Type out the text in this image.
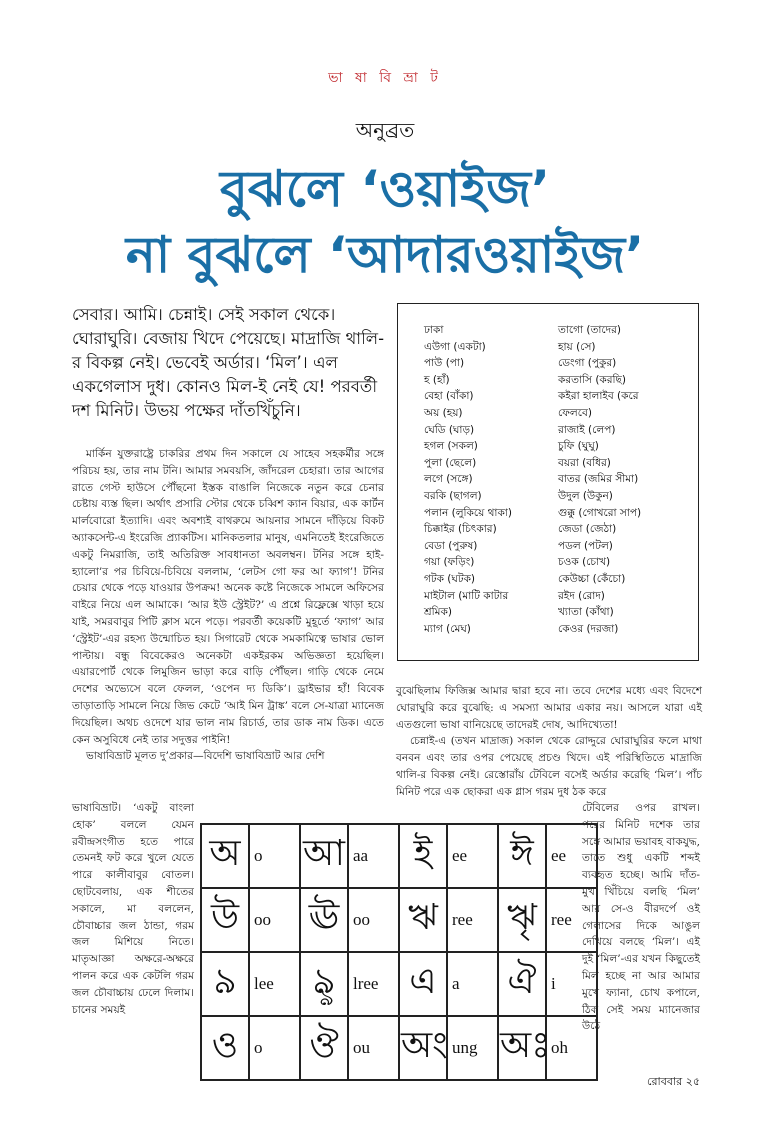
ভা ষা বি ভ্রা ট
অনুব্রত
বুঝলে ‘ওয়াইজ’
না বুঝলে ‘আদারওয়াইজ’
সেবার। আমি। চেন্নাই। সেই সকাল থেকে। ঘোরাঘুরি। বেজায় খিদে পেয়েছে। মাদ্রাজি থালি-র বিকল্প নেই। ভেবেই অর্ডার। ‘মিল’। এল একগেলাস দুধ। কোনও মিল-ই নেই যে! পরবর্তী দশ মিনিট। উভয় পক্ষের দাঁতখিঁচুনি।

মার্কিন যুক্তরাষ্ট্রে চাকরির প্রথম দিন সকালে যে সাহেব সহকর্মীর সঙ্গে পরিচয় হয়, তার নাম টনি। আমার সমবয়সি, জাঁদরেল চেহারা। তার আগের রাতে গেস্ট হাউসে পৌঁছনো ইস্তক বাঙালি নিজেকে নতুন করে চেনার চেষ্টায় ব্যস্ত ছিল। অর্থাৎ প্রসারি স্টোর থেকে চব্বিশ ক্যান বিয়ার, এক কার্টন মার্লবোরো ইত্যাদি। এবং অবশ্যই বাথরুমে আয়নার সামনে দাঁড়িয়ে বিকট অ্যাকসেন্ট-এ ইংরেজি প্র্যাকটিস। মানিকতলার মানুষ, এমনিতেই ইংরেজিতে একটু নিমরাজি, তাই অতিরিক্ত সাবধানতা অবলম্বন। টনির সঙ্গে হাই-হ্যালো’র পর চিবিয়ে-চিবিয়ে বললাম, ‘লেটস গো ফর আ ফ্যাগ’! টনির চেয়ার থেকে পড়ে যাওয়ার উপক্রম! অনেক কষ্টে নিজেকে সামলে অফিসের বাইরে নিয়ে এল আমাকে। ‘আর ইউ স্ট্রেইট?’ এ প্রশ্নে রিফ্লেক্সে খাড়া হয়ে যাই, সমরবাবুর পিটি ক্লাস মনে পড়ে। পরবর্তী কয়েকটি মুহূর্তে ‘ফ্যাগ’ আর ‘স্ট্রেইট’-এর রহস্য উন্মোচিত হয়। সিগারেট থেকে সমকামিত্বে ভাষার ভোল পাল্টায়। বন্ধু বিবেকেরও অনেকটা একইরকম অভিজ্ঞতা হয়েছিল। এয়ারপোর্ট থেকে লিমুজিন ভাড়া করে বাড়ি পৌঁছল। গাড়ি থেকে নেমে দেশের অভ্যেসে বলে ফেলল, ‘ওপেন দ্য ডিকি’। ড্রাইভার হাঁ! বিবেক তাড়াতাড়ি সামলে নিয়ে জিভ কেটে ‘আই মিন ট্রাঙ্ক’ বলে সে-যাত্রা ম্যানেজ দিয়েছিল। অথচ ওদেশে যার ভাল নাম রিচার্ড, তার ডাক নাম ডিক। এতে কেন অসুবিধে নেই তার সদুত্তর পাইনি!

ভাষাবিভ্রাট মূলত দু’প্রকার—বিদেশি ভাষাবিভ্রাট আর দেশি

ভাষাবিভ্রাট। ‘একটু বাংলা হোক’ বললে যেমন রবীন্দ্রসংগীত হতে পারে তেমনই ফট করে খুলে যেতে পারে কালীবাবুর বোতল। ছোটবেলায়, এক শীতের সকালে, মা বললেন, চৌবাচ্চার জল ঠান্ডা, গরম জল মিশিয়ে নিতে। মাতৃআজ্ঞা অক্ষরে-অক্ষরে পালন করে এক কেটলি গরম জল চৌবাচ্চায় ঢেলে দিলাম। চানের সময়ই

ঢাকা
এউগা (একটা)
পাউ (পা)
হ (হাঁ)
বেহা (বাঁকা)
অয় (হয়)
ঘেডি (ঘাড়)
হগল (সকল)
পুলা (ছেলে)
লগে (সঙ্গে)
বরকি (ছাগল)
পলান (লুকিয়ে থাকা)
চিক্কাইর (চিৎকার)
বেডা (পুরুষ)
গয়া (ফড়িং)
গটক (ঘটক)
মাইটাল (মাটি কাটার
শ্রমিক)
ম্যাগ (মেঘ)
তাগো (তাদের)
হায় (সে)
ডেংগা (পুকুর)
করতাসি (করছি)
কইরা হালাইব (করে
ফেলবে)
রাজাই (লেপ)
চুফি (ঘুঘু)
বয়রা (বধির)
বাতর (জমির সীমা)
উদুল (উকুন)
গুক্কু (গোখরো সাপ)
জেডা (জেঠা)
পডল (পটল)
চওক (চোখ)
কেউচ্চা (কেঁচো)
রইদ (রোদ)
খ্যাতা (কাঁথা)
কেওর (দরজা)

বুঝেছিলাম ফিজিক্স আমার দ্বারা হবে না। তবে দেশের মধ্যে এবং বিদেশে ঘোরাঘুরি করে বুঝেছি: এ সমস্যা আমার একার নয়। আসলে যারা এই এতগুলো ভাষা বানিয়েছে তাদেরই দোষ, আদিখ্যেতা!

চেন্নাই-এ (তখন মাদ্রাজ) সকাল থেকে রোদ্দুরে ঘোরাঘুরির ফলে মাথা বনবন এবং তার ওপর পেয়েছে প্রচণ্ড খিদে। এই পরিস্থিতিতে মাদ্রাজি থালি-র বিকল্প নেই। রেস্তোরাঁয় টেবিলে বসেই অর্ডার করেছি ‘মিল’। পাঁচ মিনিট পরে এক ছোকরা এক গ্লাস গরম দুধ ঠক করে

টেবিলের ওপর রাখল। পরের মিনিট দশেক তার সঙ্গে আমার ভয়াবহ বাকযুদ্ধ, তাতে শুধু একটি শব্দই ব্যবহৃত হচ্ছে। আমি দাঁত-মুখ খিঁচিয়ে বলছি ‘মিল’ আর সে-ও বীরদর্পে ওই গেলাসের দিকে আঙুল দেখিয়ে বলছে ‘মিল’। এই দুই ‘মিল’-এর যখন কিছুতেই মিল হচ্ছে না আর আমার মুখে ফ্যানা, চোখ কপালে, ঠিক সেই সময় ম্যানেজার উঠে

অ	o	আ	aa	ই	ee	ঈ	ee
উ	oo	ঊ	oo	ঋ	ree	ৠ	ree
৯	lee	ৡ	lree	এ	a	ঐ	i
ও	o	ঔ	ou	অং	ung	অঃ	oh
রোববার ২৫
